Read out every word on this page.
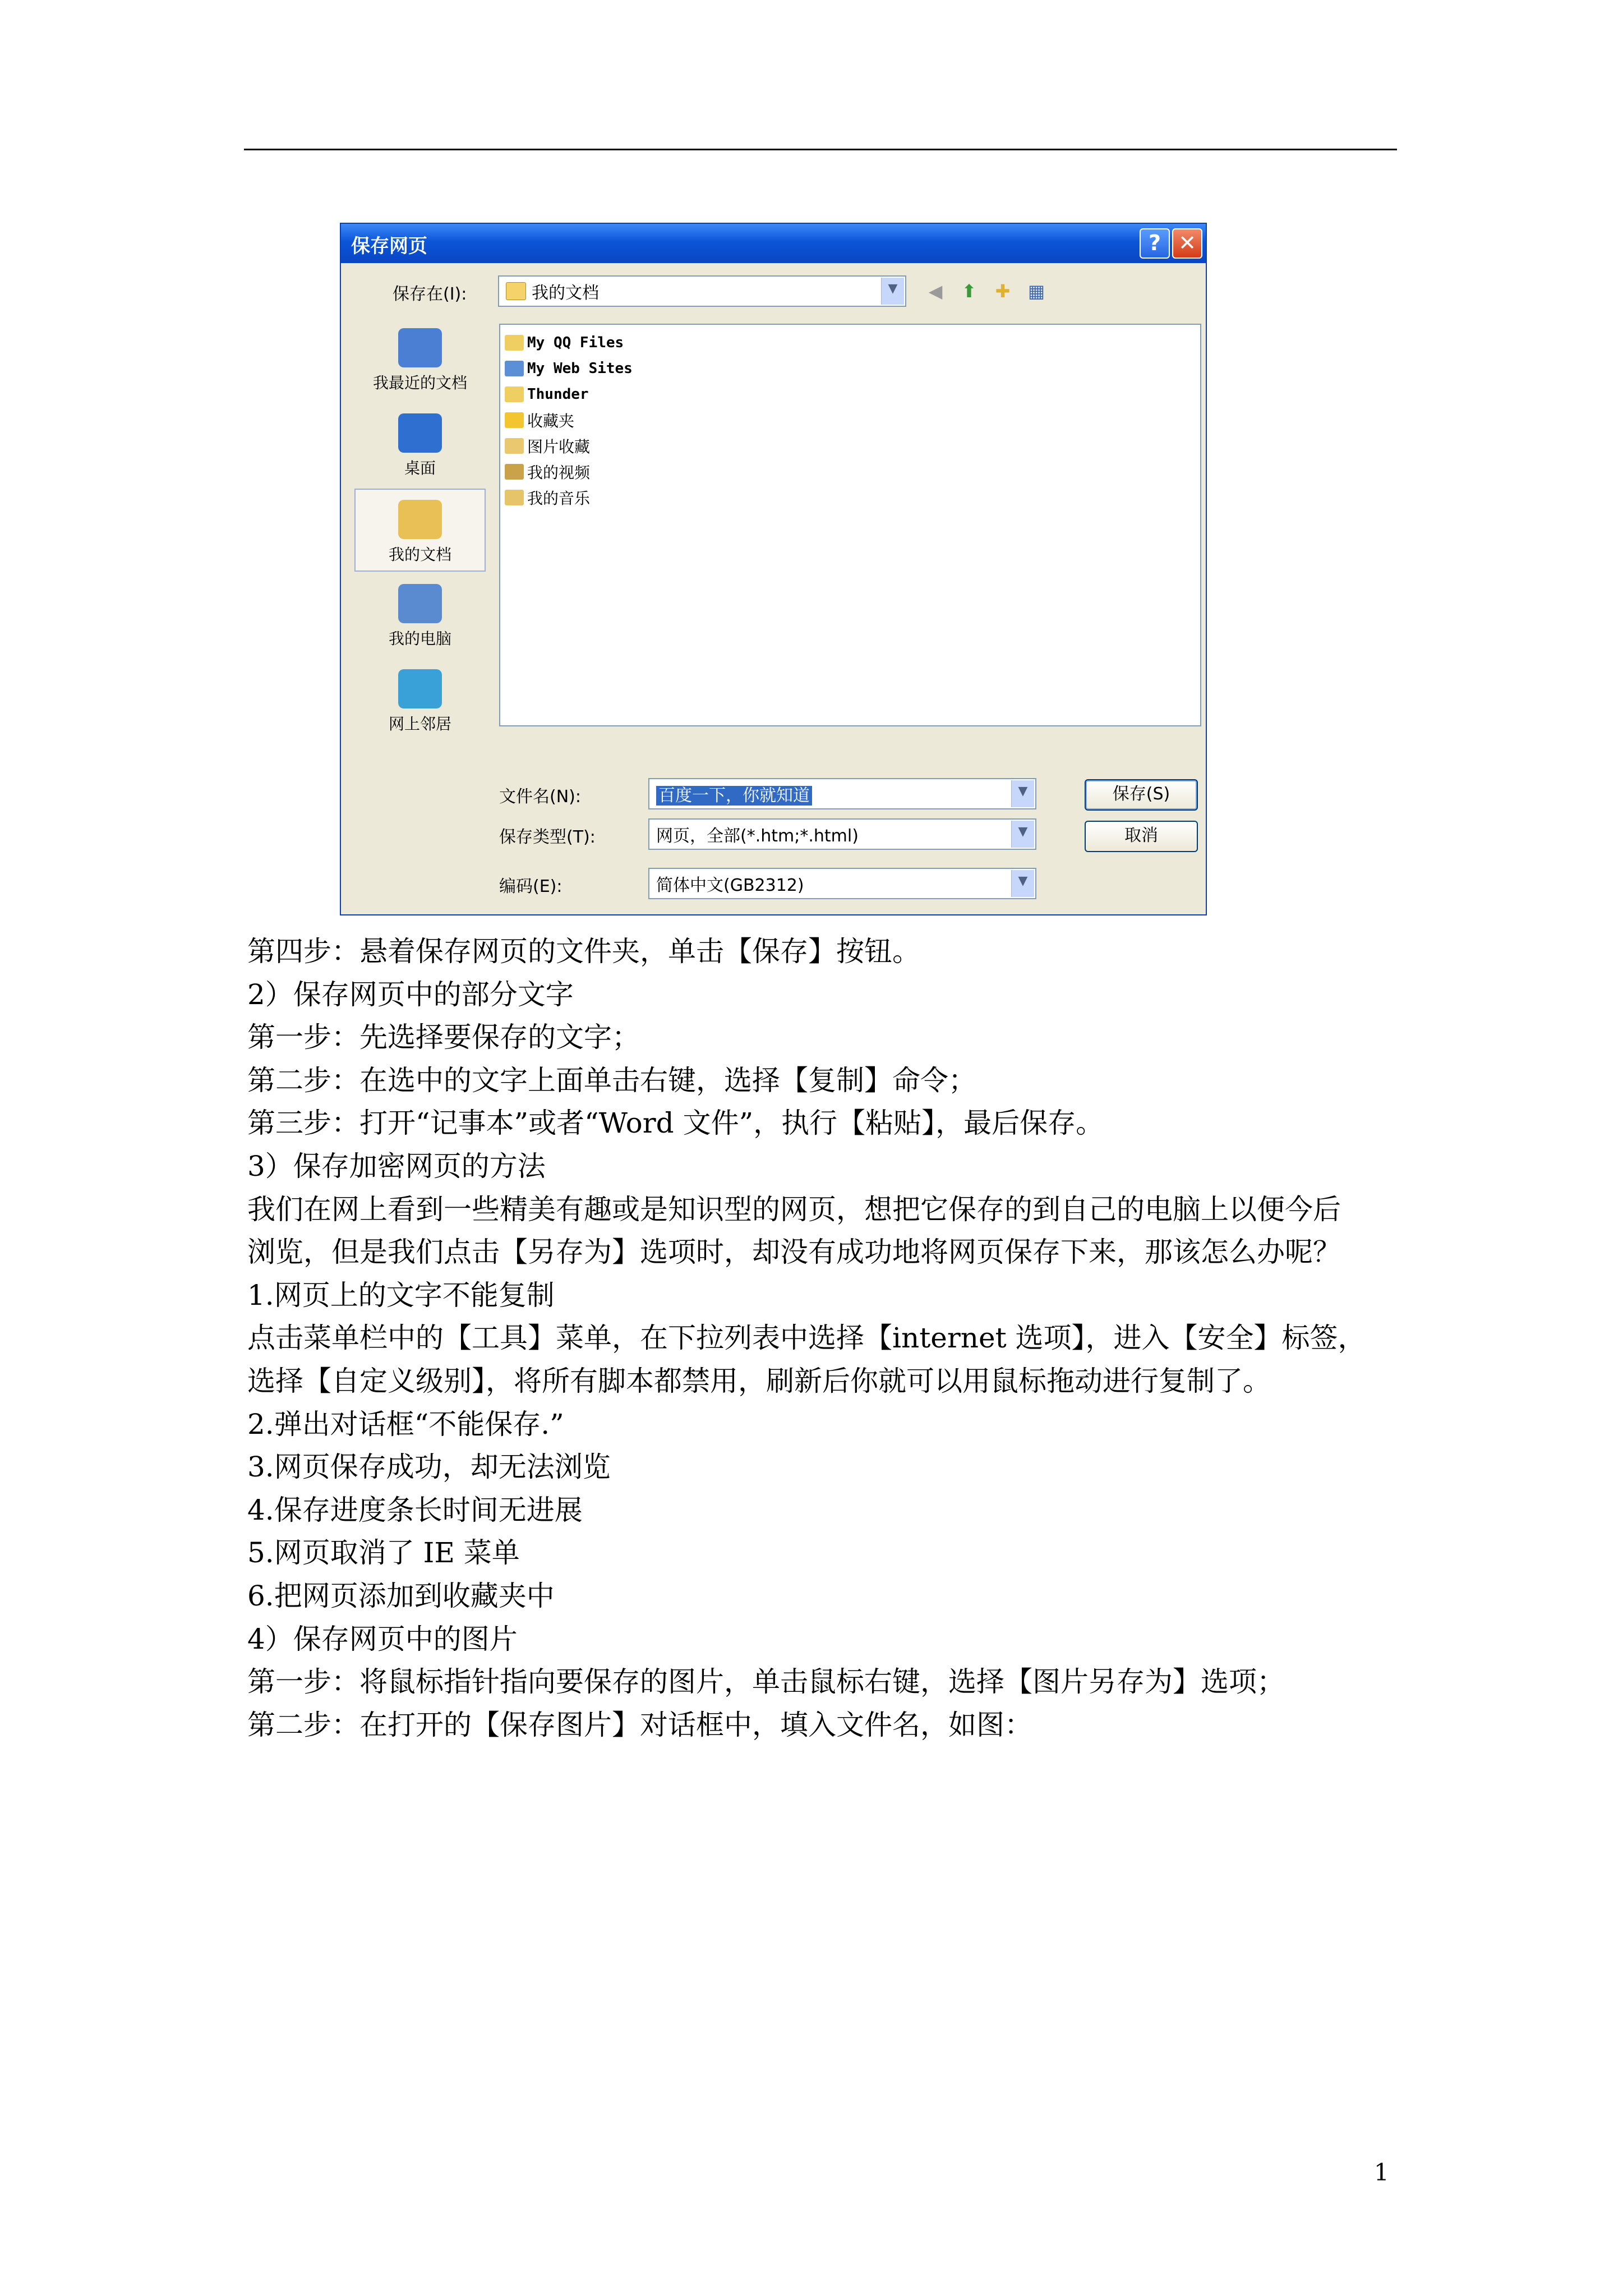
保存网页	? ✕
保存在(I):	我的文档	▼	◀ ⬆ ✚ ▦
我最近的文档
桌面
我的文档
我的电脑
网上邻居
My QQ Files
My Web Sites
Thunder
收藏夹
图片收藏
我的视频
我的音乐
文件名(N):	百度一下，你就知道	▼
保存类型(T):	网页，全部(*.htm;*.html)	▼
编码(E):	简体中文(GB2312)	▼
保存(S)
取消
第四步：悬着保存网页的文件夹，单击【保存】按钮。
2）保存网页中的部分文字
第一步：先选择要保存的文字；
第二步：在选中的文字上面单击右键，选择【复制】命令；
第三步：打开“记事本”或者“Word 文件”，执行【粘贴】，最后保存。
3）保存加密网页的方法
我们在网上看到一些精美有趣或是知识型的网页，想把它保存的到自己的电脑上以便今后
浏览，但是我们点击【另存为】选项时，却没有成功地将网页保存下来，那该怎么办呢？
1.网页上的文字不能复制
点击菜单栏中的【工具】菜单，在下拉列表中选择【internet 选项】，进入【安全】标签，
选择【自定义级别】，将所有脚本都禁用，刷新后你就可以用鼠标拖动进行复制了。
2.弹出对话框“不能保存.”
3.网页保存成功，却无法浏览
4.保存进度条长时间无进展
5.网页取消了 IE 菜单
6.把网页添加到收藏夹中
4）保存网页中的图片
第一步：将鼠标指针指向要保存的图片，单击鼠标右键，选择【图片另存为】选项；
第二步：在打开的【保存图片】对话框中，填入文件名，如图：
1
